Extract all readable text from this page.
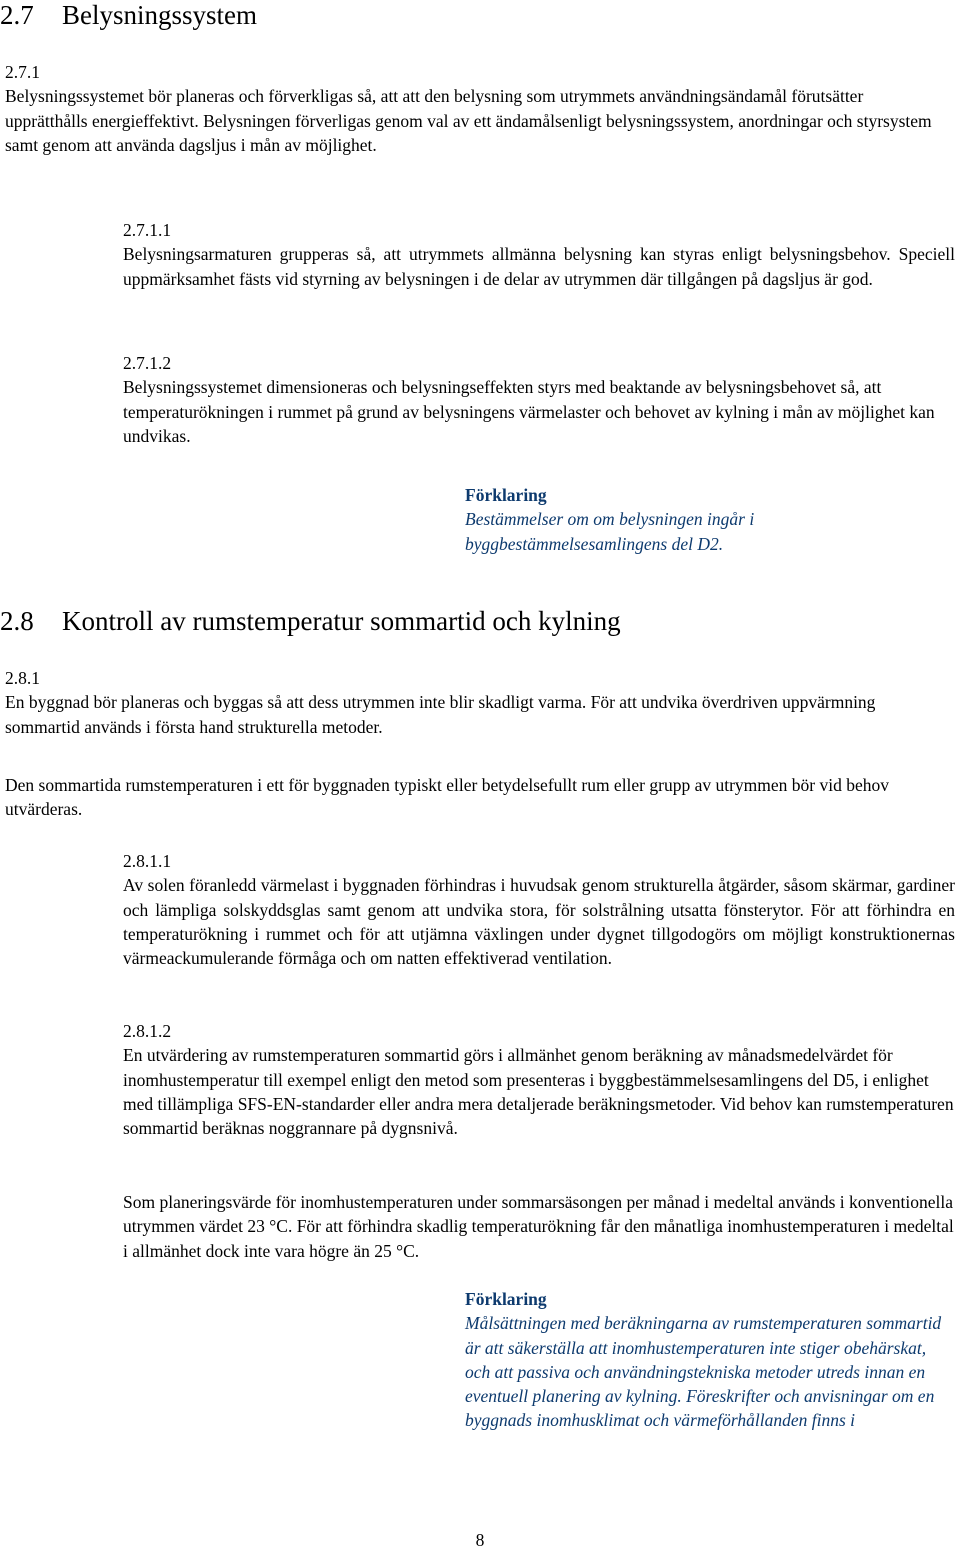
2.7 Belysningssystem
2.7.1
Belysningssystemet bör planeras och förverkligas så, att att den belysning som utrymmets användningsändamål förutsätter upprätthålls energieffektivt. Belysningen förverligas genom val av ett ändamålsenligt belysningssystem, anordningar och styrsystem samt genom att använda dagsljus i mån av möjlighet.
2.7.1.1
Belysningsarmaturen grupperas så, att utrymmets allmänna belysning kan styras enligt belysningsbehov. Speciell uppmärksamhet fästs vid styrning av belysningen i de delar av utrymmen där tillgången på dagsljus är god.
2.7.1.2
Belysningssystemet dimensioneras och belysningseffekten styrs med beaktande av belysningsbehovet så, att temperaturökningen i rummet på grund av belysningens värmelaster och behovet av kylning i mån av möjlighet kan undvikas.
Förklaring
Bestämmelser om om belysningen ingår i byggbestämmelsesamlingens del D2.
2.8 Kontroll av rumstemperatur sommartid och kylning
2.8.1
En byggnad bör planeras och byggas så att dess utrymmen inte blir skadligt varma. För att undvika överdriven uppvärmning sommartid används i första hand strukturella metoder.
Den sommartida rumstemperaturen i ett för byggnaden typiskt eller betydelsefullt rum eller grupp av utrymmen bör vid behov utvärderas.
2.8.1.1
Av solen föranledd värmelast i byggnaden förhindras i huvudsak genom strukturella åtgärder, såsom skärmar, gardiner och lämpliga solskyddsglas samt genom att undvika stora, för solstrålning utsatta fönsterytor. För att förhindra en temperaturökning i rummet och för att utjämna växlingen under dygnet tillgodogörs om möjligt konstruktionernas värmeackumulerande förmåga och om natten effektiverad ventilation.
2.8.1.2
En utvärdering av rumstemperaturen sommartid görs i allmänhet genom beräkning av månadsmedelvärdet för inomhustemperatur till exempel enligt den metod som presenteras i byggbestämmelsesamlingens del D5, i enlighet med tillämpliga SFS-EN-standarder eller andra mera detaljerade beräkningsmetoder. Vid behov kan rumstemperaturen sommartid beräknas noggrannare på dygnsnivå.
Som planeringsvärde för inomhustemperaturen under sommarsäsongen per månad i medeltal används i konventionella utrymmen värdet 23 °C. För att förhindra skadlig temperaturökning får den månatliga inomhustemperaturen i medeltal i allmänhet dock inte vara högre än 25 °C.
Förklaring
Målsättningen med beräkningarna av rumstemperaturen sommartid är att säkerställa att inomhustemperaturen inte stiger obehärskat, och att passiva och användningstekniska metoder utreds innan en eventuell planering av kylning. Föreskrifter och anvisningar om en byggnads inomhusklimat och värmeförhållanden finns i
8
